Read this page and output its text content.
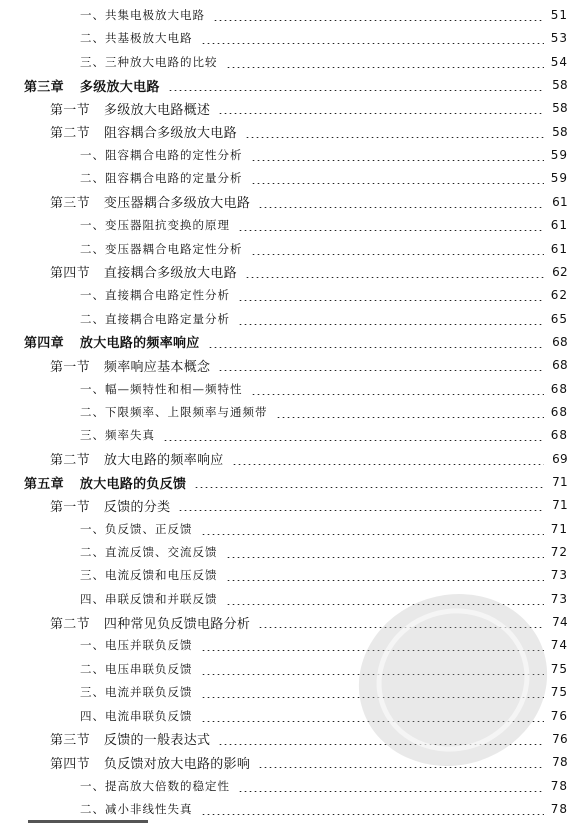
一、共集电极放大电路	51
二、共基极放大电路	53
三、三种放大电路的比较	54
第三章 多级放大电路	58
第一节 多级放大电路概述	58
第二节 阻容耦合多级放大电路	58
一、阻容耦合电路的定性分析	59
二、阻容耦合电路的定量分析	59
第三节 变压器耦合多级放大电路	61
一、变压器阻抗变换的原理	61
二、变压器耦合电路定性分析	61
第四节 直接耦合多级放大电路	62
一、直接耦合电路定性分析	62
二、直接耦合电路定量分析	65
第四章 放大电路的频率响应	68
第一节 频率响应基本概念	68
一、幅—频特性和相—频特性	68
二、下限频率、上限频率与通频带	68
三、频率失真	68
第二节 放大电路的频率响应	69
第五章 放大电路的负反馈	71
第一节 反馈的分类	71
一、负反馈、正反馈	71
二、直流反馈、交流反馈	72
三、电流反馈和电压反馈	73
四、串联反馈和并联反馈	73
第二节 四种常见负反馈电路分析	74
一、电压并联负反馈	74
二、电压串联负反馈	75
三、电流并联负反馈	75
四、电流串联负反馈	76
第三节 反馈的一般表达式	76
第四节 负反馈对放大电路的影响	78
一、提高放大倍数的稳定性	78
二、减小非线性失真	78
